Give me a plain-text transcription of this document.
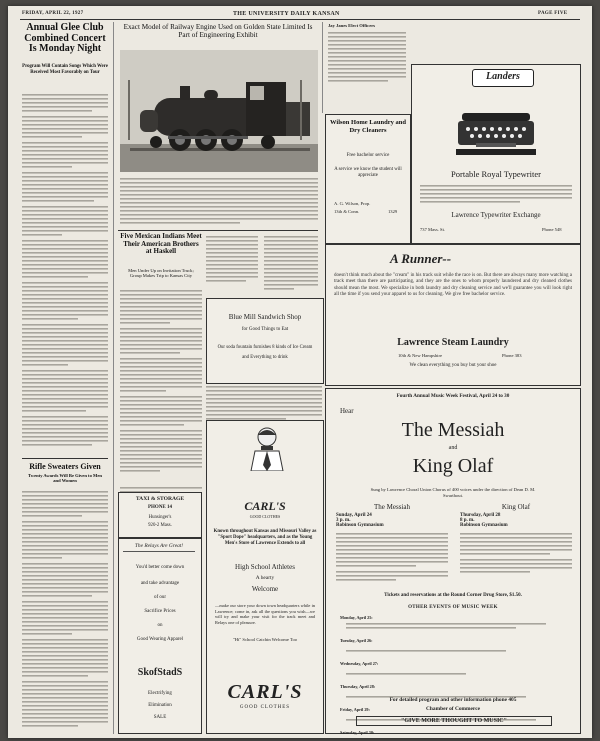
FRIDAY, APRIL 22, 1927	THE UNIVERSITY DAILY KANSAN	PAGE FIVE
Annual Glee Club Combined Concert Is Monday Night
Program Will Contain Songs Which Were Received Most Favorably on Tour
Rifle Sweaters Given
Twenty Awards Will Be Given to Men and Women
Exact Model of Railway Engine Used on Golden State Limited Is Part of Engineering Exhibit
Five Mexican Indians Meet Their American Brothers at Haskell
Men Under Up on Invitation Truck; Group Makes Trip to Kansas City
Jay Janes Elect Officers
Wilson Home Laundry and Dry Cleaners
Free bachelor service
A service we know the student will appreciate
A. G. Wilson, Prop.
13th & Conn.	1329
Landers
Portable Royal Typewriter
Lawrence Typewriter Exchange
737 Mass. St.	Phone 548
A Runner--
doesn't think much about the "cream" in his track suit while the race is on. But there are always many more watching a track meet than there are participating, and they are the ones to whom properly laundered and dry cleaned clothes should mean the most. We specialize in both laundry and dry cleaning service and we'll guarantee you will look right all the time if you send your apparel to us for cleaning. We give free bachelor service.
Lawrence Steam Laundry
10th & New Hampshire	Phone 383
We clean everything you buy but your shoe
Blue Mill Sandwich Shop
for Good Things to Eat
Our soda fountain furnishes 8 kinds of Ice Cream
and Everything to drink
TAXI & STORAGE
PHONE 14
Hunsinger's
920-2 Mass.
The Relays Are Great!
You'd better come down
and take advantage
of our
Sacrifice Prices
on
Good Wearing Apparel
SkofStadS
Electrifying
Elimination
SALE
CARL'S
GOOD CLOTHES
Known throughout Kansas and Missouri Valley as "Sport Dope" headquarters, and as the Young Men's Store of Lawrence Extends to all
High School Athletes
A hearty
Welcome
—make our store your down town headquarters while in Lawrence; come in, ask all the questions you wish—we will try and make your visit for the track meet and Relays one of pleasure.
"Hi" School Catchin Welcome Too
CARL'S
GOOD CLOTHES
Fourth Annual Music Week Festival, April 24 to 30
Hear
The Messiah
and
King Olaf
Sung by Lawrence Choral Union Chorus of 400 voices under the direction of Dean D. M. Swarthout.
The Messiah
Sunday, April 24
3 p. m.
Robinson Gymnasium
King Olaf
Thursday, April 28
8 p. m.
Robinson Gymnasium
Tickets and reservations at the Round Corner Drug Store, $1.50.
OTHER EVENTS OF MUSIC WEEK
Monday, April 25:
Tuesday, April 26:
Wednesday, April 27:
Thursday, April 28:
Friday, April 29:
Saturday, April 30:
For detailed program and other information phone 405
Chamber of Commerce
"GIVE MORE THOUGHT TO MUSIC"
